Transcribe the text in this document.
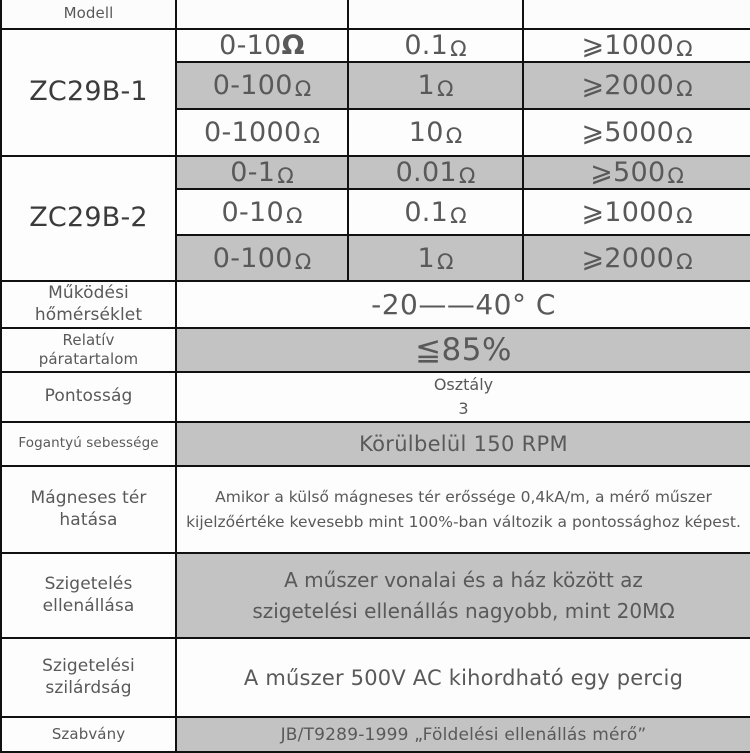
Modell			
ZC29B-1	0-10Ω	0.1Ω	⩾1000Ω
	0-100Ω	1Ω	⩾2000Ω
	0-1000Ω	10Ω	⩾5000Ω
ZC29B-2	0-1Ω	0.01Ω	⩾500Ω
	0-10Ω	0.1Ω	⩾1000Ω
	0-100Ω	1Ω	⩾2000Ω

Működési
hőmérséklet	-20——40° C		

Relatív
páratartalom	≦85%		

Pontosság	Osztály
3		

Fogantyú sebessége	Körülbelül 150 RPM		

Mágneses tér
hatása	Amikor a külső mágneses tér erőssége 0,4kA/m, a mérő műszer kijelzőértéke kevesebb mint 100%-ban változik a pontossághoz képest.		

Szigetelés
ellenállása	A műszer vonalai és a ház között az
szigetelési ellenállás nagyobb, mint 20MΩ		

Szigetelési
szilárdság	A műszer 500V AC kihordható egy percig		
Szabvány	JB/T9289-1999 „Földelési ellenállás mérő”		
